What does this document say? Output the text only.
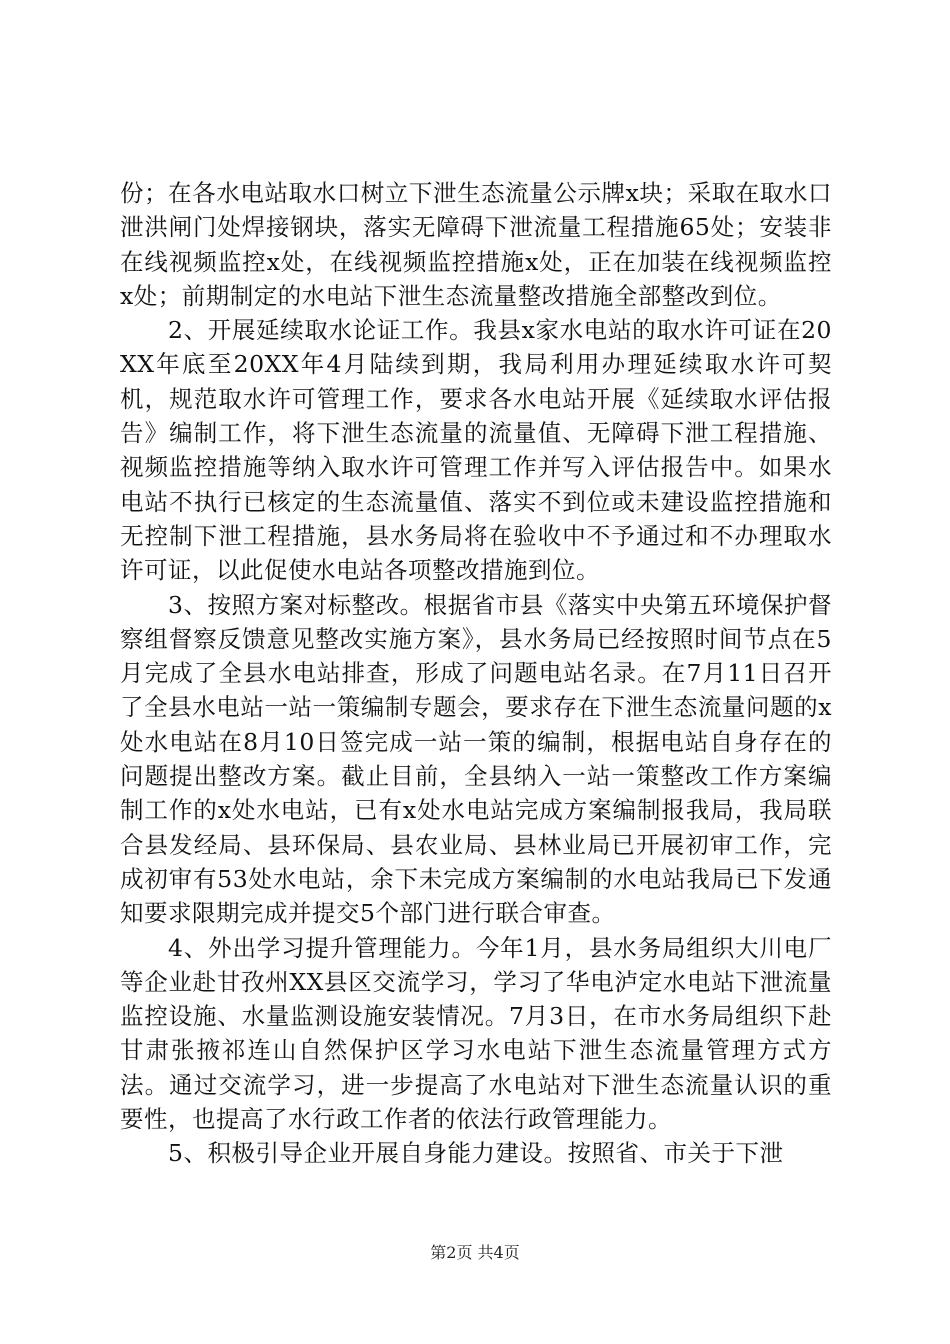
份；在各水电站取水口树立下泄生态流量公示牌x块；采取在取水口泄洪闸门处焊接钢块，落实无障碍下泄流量工程措施65处；安装非在线视频监控x处，在线视频监控措施x处，正在加装在线视频监控x处；前期制定的水电站下泄生态流量整改措施全部整改到位。

2、开展延续取水论证工作。我县x家水电站的取水许可证在20XX年底至20XX年4月陆续到期，我局利用办理延续取水许可契机，规范取水许可管理工作，要求各水电站开展《延续取水评估报告》编制工作，将下泄生态流量的流量值、无障碍下泄工程措施、视频监控措施等纳入取水许可管理工作并写入评估报告中。如果水电站不执行已核定的生态流量值、落实不到位或未建设监控措施和无控制下泄工程措施，县水务局将在验收中不予通过和不办理取水许可证，以此促使水电站各项整改措施到位。

3、按照方案对标整改。根据省市县《落实中央第五环境保护督察组督察反馈意见整改实施方案》，县水务局已经按照时间节点在5月完成了全县水电站排查，形成了问题电站名录。在7月11日召开了全县水电站一站一策编制专题会，要求存在下泄生态流量问题的x处水电站在8月10日签完成一站一策的编制，根据电站自身存在的问题提出整改方案。截止目前，全县纳入一站一策整改工作方案编制工作的x处水电站，已有x处水电站完成方案编制报我局，我局联合县发经局、县环保局、县农业局、县林业局已开展初审工作，完成初审有53处水电站，余下未完成方案编制的水电站我局已下发通知要求限期完成并提交5个部门进行联合审查。

4、外出学习提升管理能力。今年1月，县水务局组织大川电厂等企业赴甘孜州XX县区交流学习，学习了华电泸定水电站下泄流量监控设施、水量监测设施安装情况。7月3日，在市水务局组织下赴甘肃张掖祁连山自然保护区学习水电站下泄生态流量管理方式方法。通过交流学习，进一步提高了水电站对下泄生态流量认识的重要性，也提高了水行政工作者的依法行政管理能力。

5、积极引导企业开展自身能力建设。按照省、市关于下泄

第2页 共4页
